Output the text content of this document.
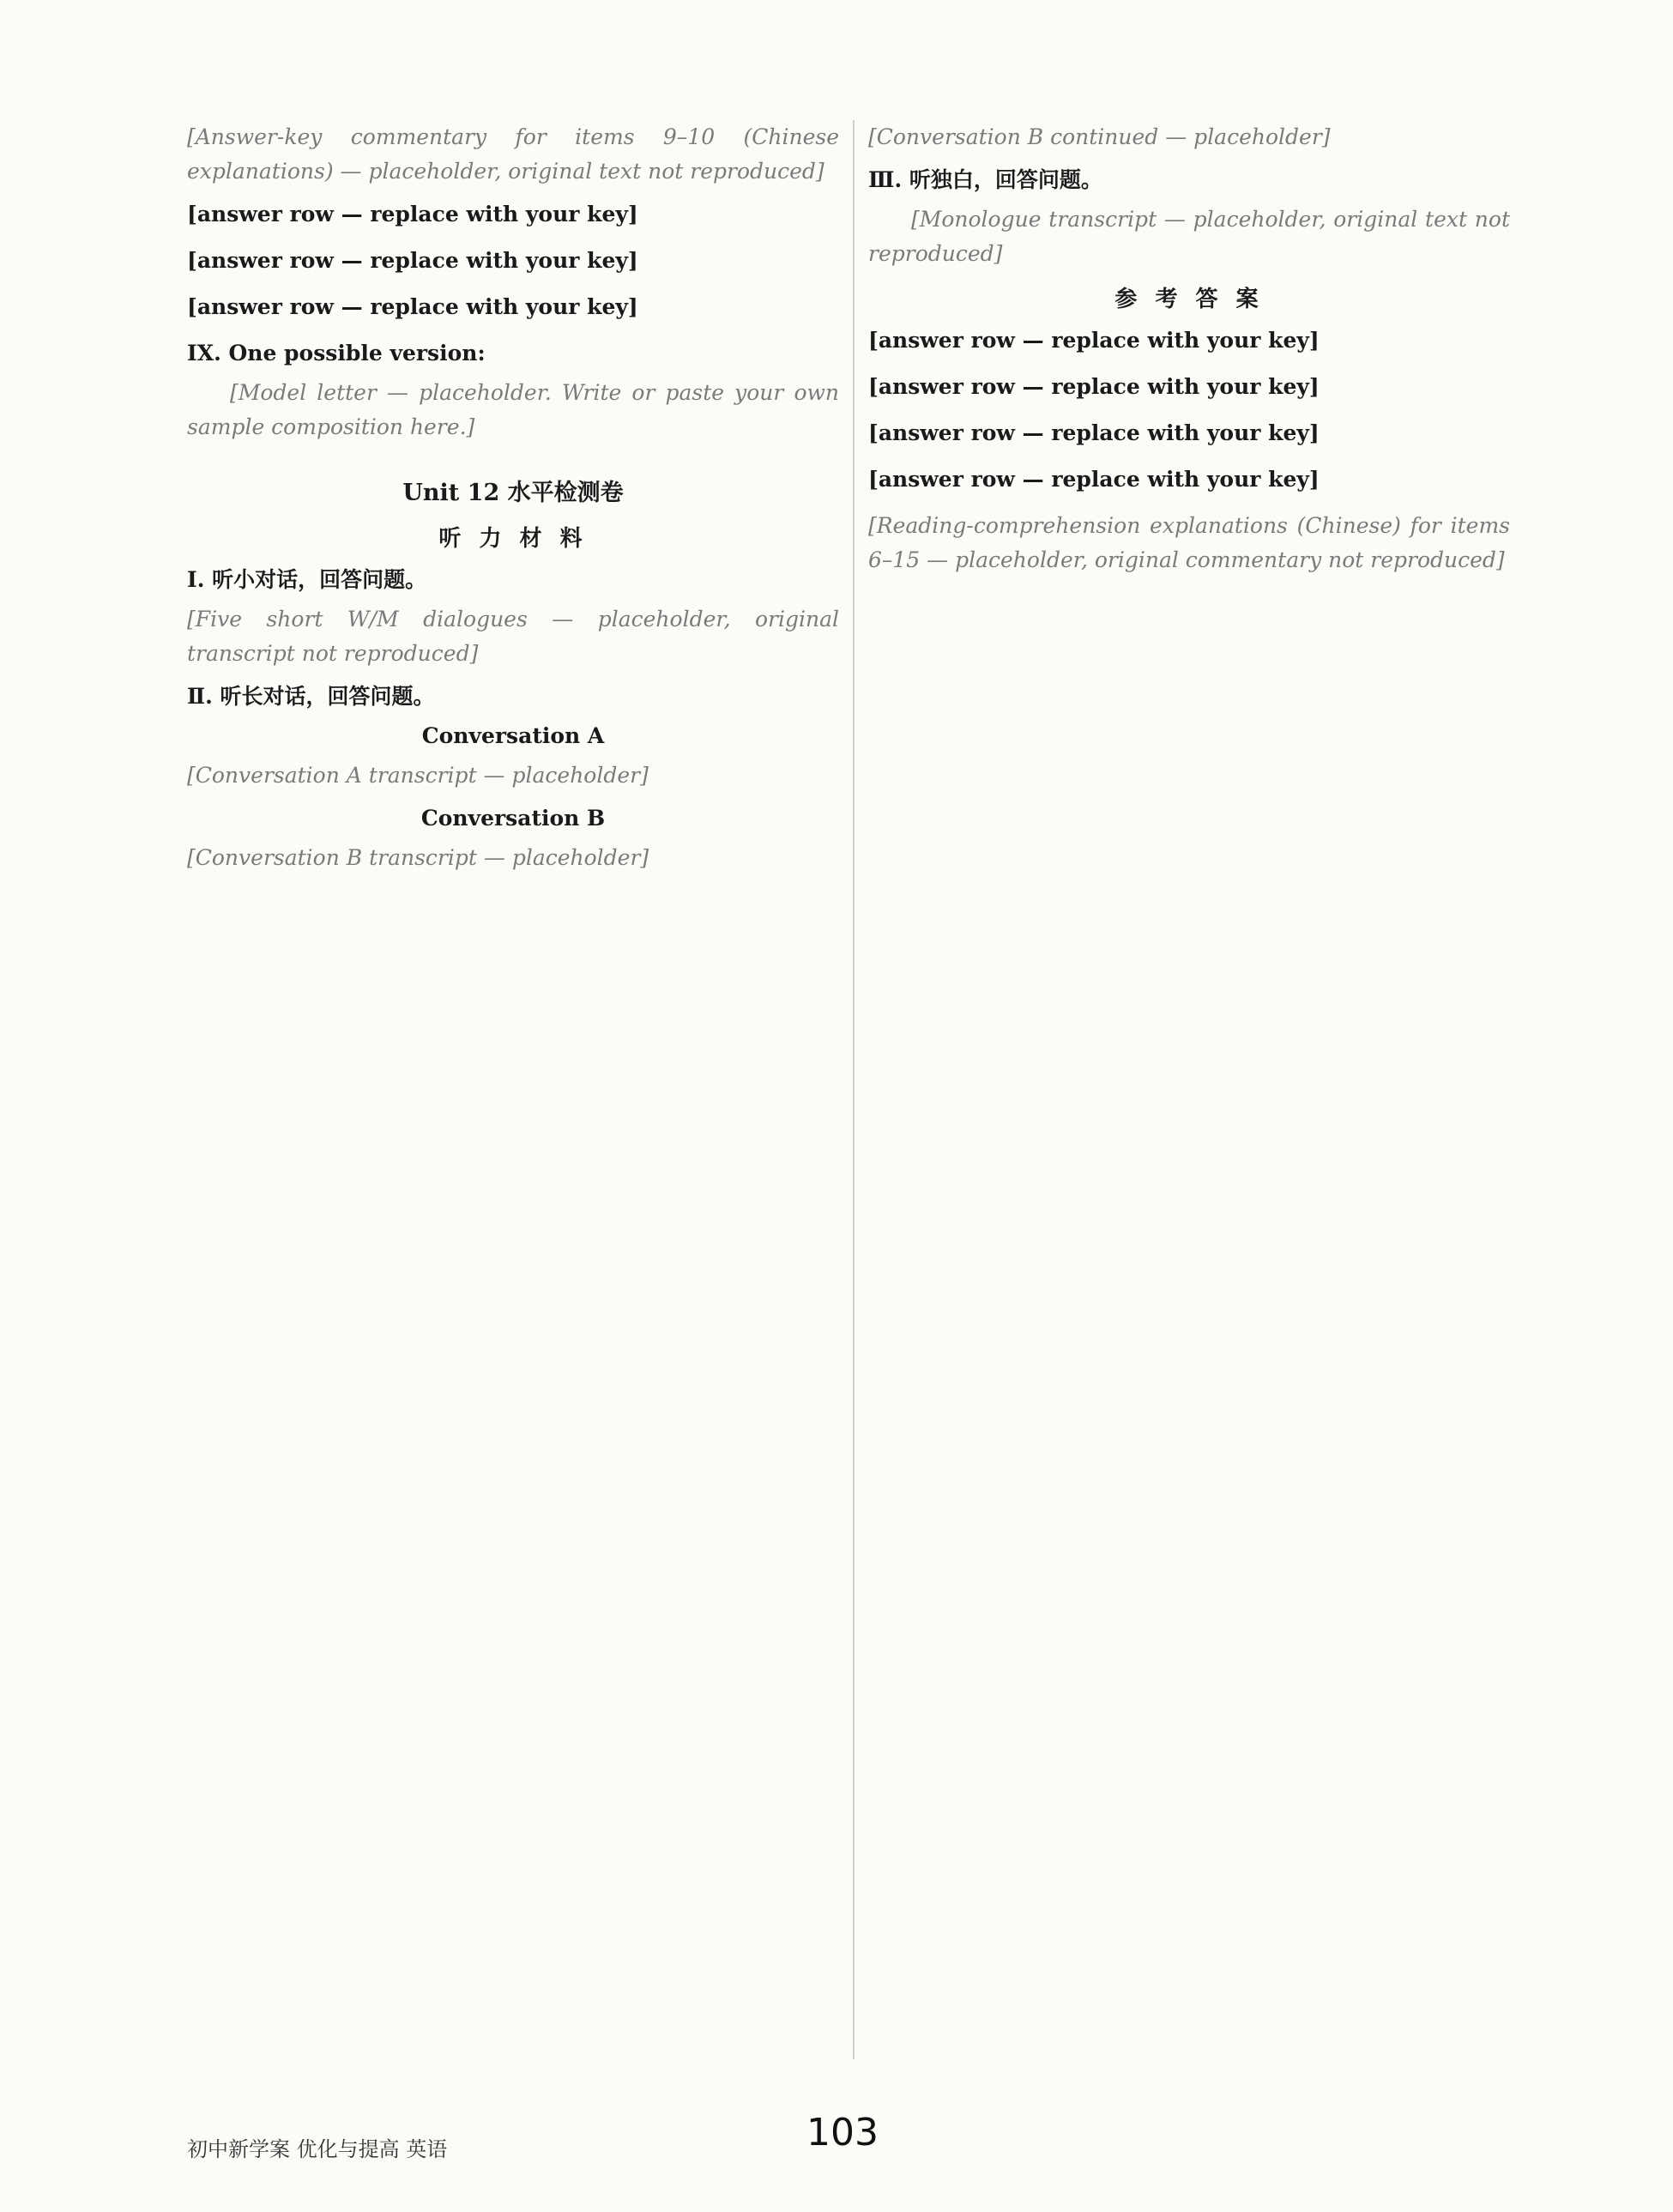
[Answer-key commentary for items 9–10 (Chinese explanations) — placeholder, original text not reproduced]

[answer row — replace with your key]
[answer row — replace with your key]
[answer row — replace with your key]
IX. One possible version:

[Model letter — placeholder. Write or paste your own sample composition here.]

Unit 12 水平检测卷
听 力 材 料
Ⅰ. 听小对话，回答问题。

[Five short W/M dialogues — placeholder, original transcript not reproduced]

Ⅱ. 听长对话，回答问题。
Conversation A

[Conversation A transcript — placeholder]

Conversation B

[Conversation B transcript — placeholder]

[Conversation B continued — placeholder]

Ⅲ. 听独白，回答问题。

[Monologue transcript — placeholder, original text not reproduced]

参 考 答 案
[answer row — replace with your key]
[answer row — replace with your key]
[answer row — replace with your key]
[answer row — replace with your key]

[Reading-comprehension explanations (Chinese) for items 6–15 — placeholder, original commentary not reproduced]

初中新学案 优化与提高 英语	103
